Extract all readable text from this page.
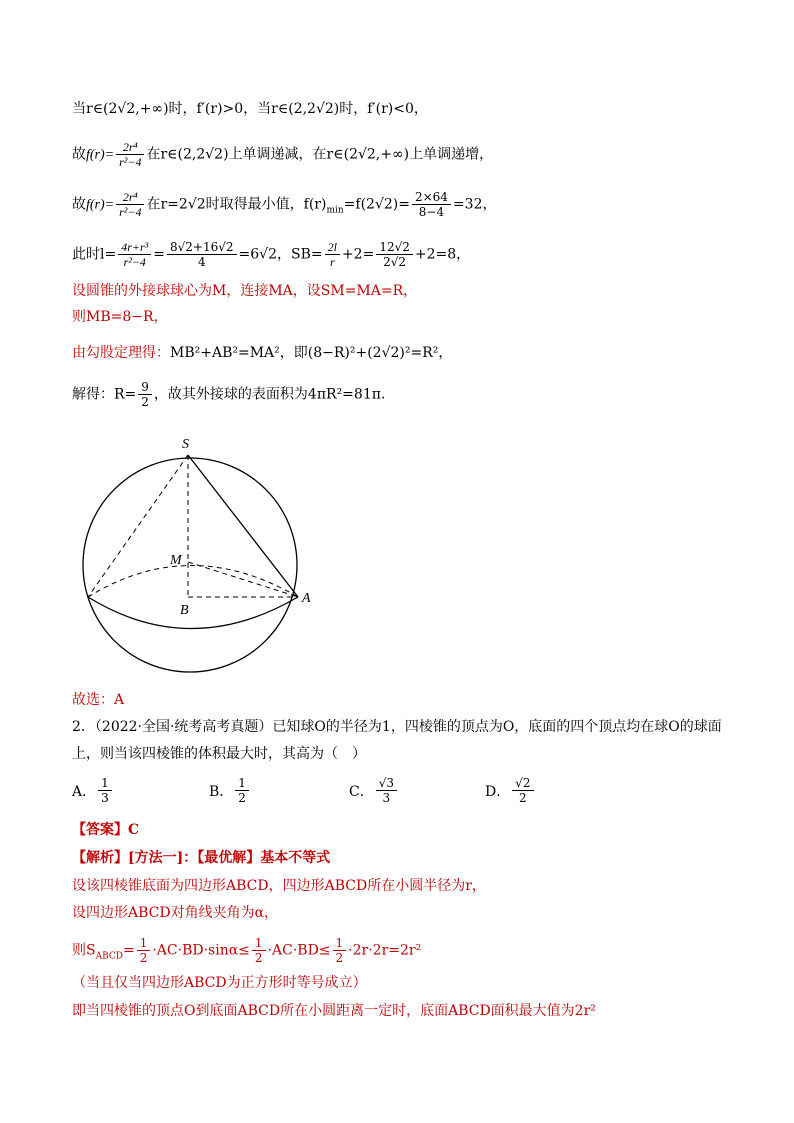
当r∈(2√2,+∞)时，f′(r)>0，当r∈(2,2√2)时，f′(r)<0，
故$f(r)= \frac{\text{2r⁴}}{\text{r²−4}}$ 在r∈(2,2√2)上单调递减，在r∈(2√2,+∞)上单调递增，
故$f(r)= \frac{\text{2r⁴}}{\text{r²−4}}$ 在r=2√2时取得最小值，$f(r)_{min}=f(2√2)= \frac{2\times 64}{8-4} =32$，
此时$l= \frac{\text{4r+r³}}{\text{r²−4}} = \frac{8√2+16√2}{4} =6√2$，$SB= \frac{2l}{r} +2= \frac{12√2}{2√2} +2=8$，
设圆锥的外接球球心为M，连接MA，设SM=MA=R，
则MB=8−R，
由勾股定理得：MB²+AB²=MA²，即(8−R)²+(2√2)²=R²，
解得：$R= \frac{9}{2}$ ，故其外接球的表面积为4πR²=81π.
S
M
B
A
故选：A
2．（2022·全国·统考高考真题）已知球O的半径为1，四棱锥的顶点为O，底面的四个顶点均在球O的球面
上，则当该四棱锥的体积最大时，其高为（　）
A． $\frac{1}{3}$	B． $\frac{1}{2}$	C． $\frac{√3}{3}$	D． $\frac{√2}{2}$
【答案】C
【解析】[方法一]：【最优解】基本不等式
设该四棱锥底面为四边形ABCD，四边形ABCD所在小圆半径为r，
设四边形ABCD对角线夹角为α，
则$S_{ABCD}= \frac{1}{2} \cdot AC\cdot BD\cdot\sin\alpha\le \frac{1}{2} \cdot AC\cdot BD\le \frac{1}{2} \cdot 2r\cdot 2r=2r^2$
（当且仅当四边形ABCD为正方形时等号成立）
即当四棱锥的顶点O到底面ABCD所在小圆距离一定时，底面ABCD面积最大值为2r²
